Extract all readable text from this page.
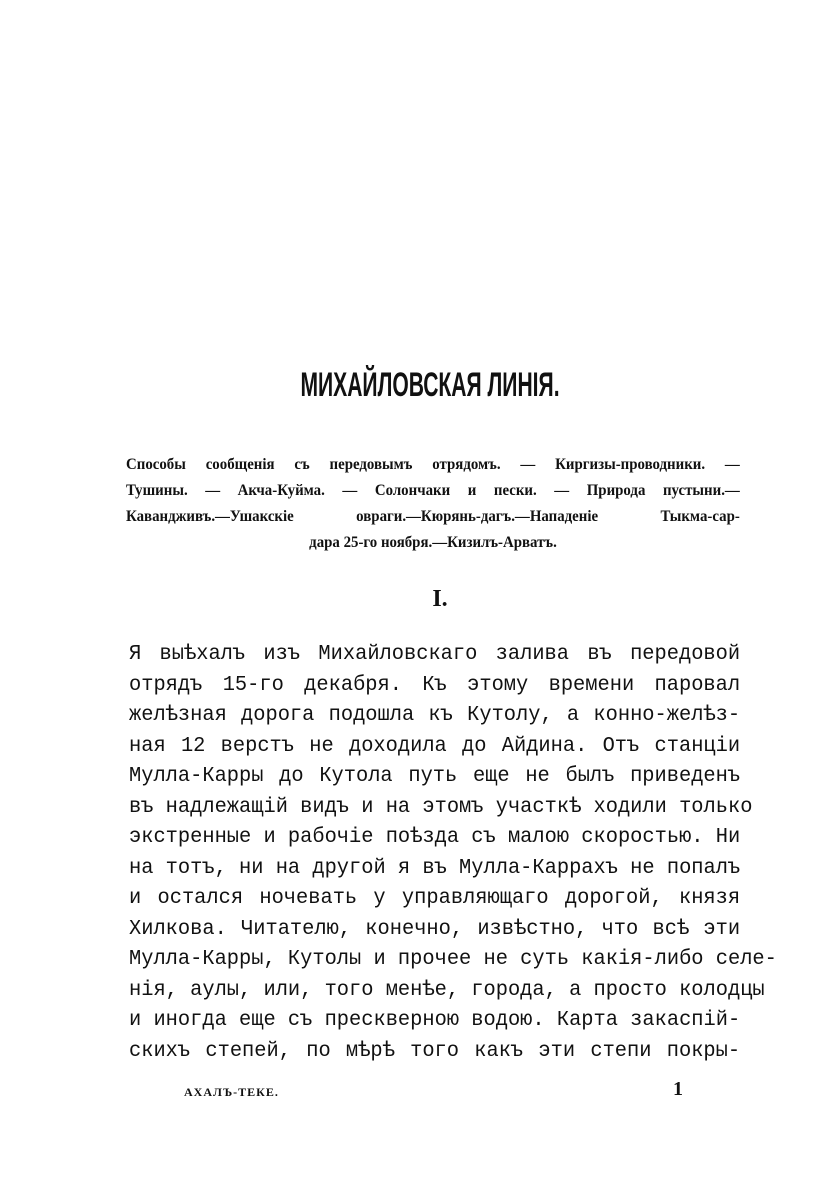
МИХАЙЛОВСКАЯ ЛИНІЯ.
Способы сообщенія съ передовымъ отрядомъ. — Киргизы-проводники. —
Тушины. — Акча-Куйма. — Солончаки и пески. — Природа пустыни.—
Кавандживъ.—Ушакскіе овраги.—Кюрянь-дагъ.—Нападеніе Тыкма-сар-
дара 25-го ноября.—Кизилъ-Арватъ.
I.
Я выѣхалъ изъ Михайловскаго залива въ передовой
отрядъ 15-го декабря. Къ этому времени паровал
желѣзная дорога подошла къ Кутолу, а конно-желѣз-
ная 12 верстъ не доходила до Айдина. Отъ станціи
Мулла-Карры до Кутола путь еще не былъ приведенъ
въ надлежащій видъ и на этомъ участкѣ ходили только
экстренные и рабочіе поѣзда съ малою скоростью. Ни
на тотъ, ни на другой я въ Мулла-Каррахъ не попалъ
и остался ночевать у управляющаго дорогой, князя
Хилкова. Читателю, конечно, извѣстно, что всѣ эти
Мулла-Карры, Кутолы и прочее не суть какія-либо селе-
нія, аулы, или, того менѣе, города, а просто колодцы
и иногда еще съ прескверною водою. Карта закаспій-
скихъ степей, по мѣрѣ того какъ эти степи покры-
АХАЛЪ-ТЕКЕ.	1
